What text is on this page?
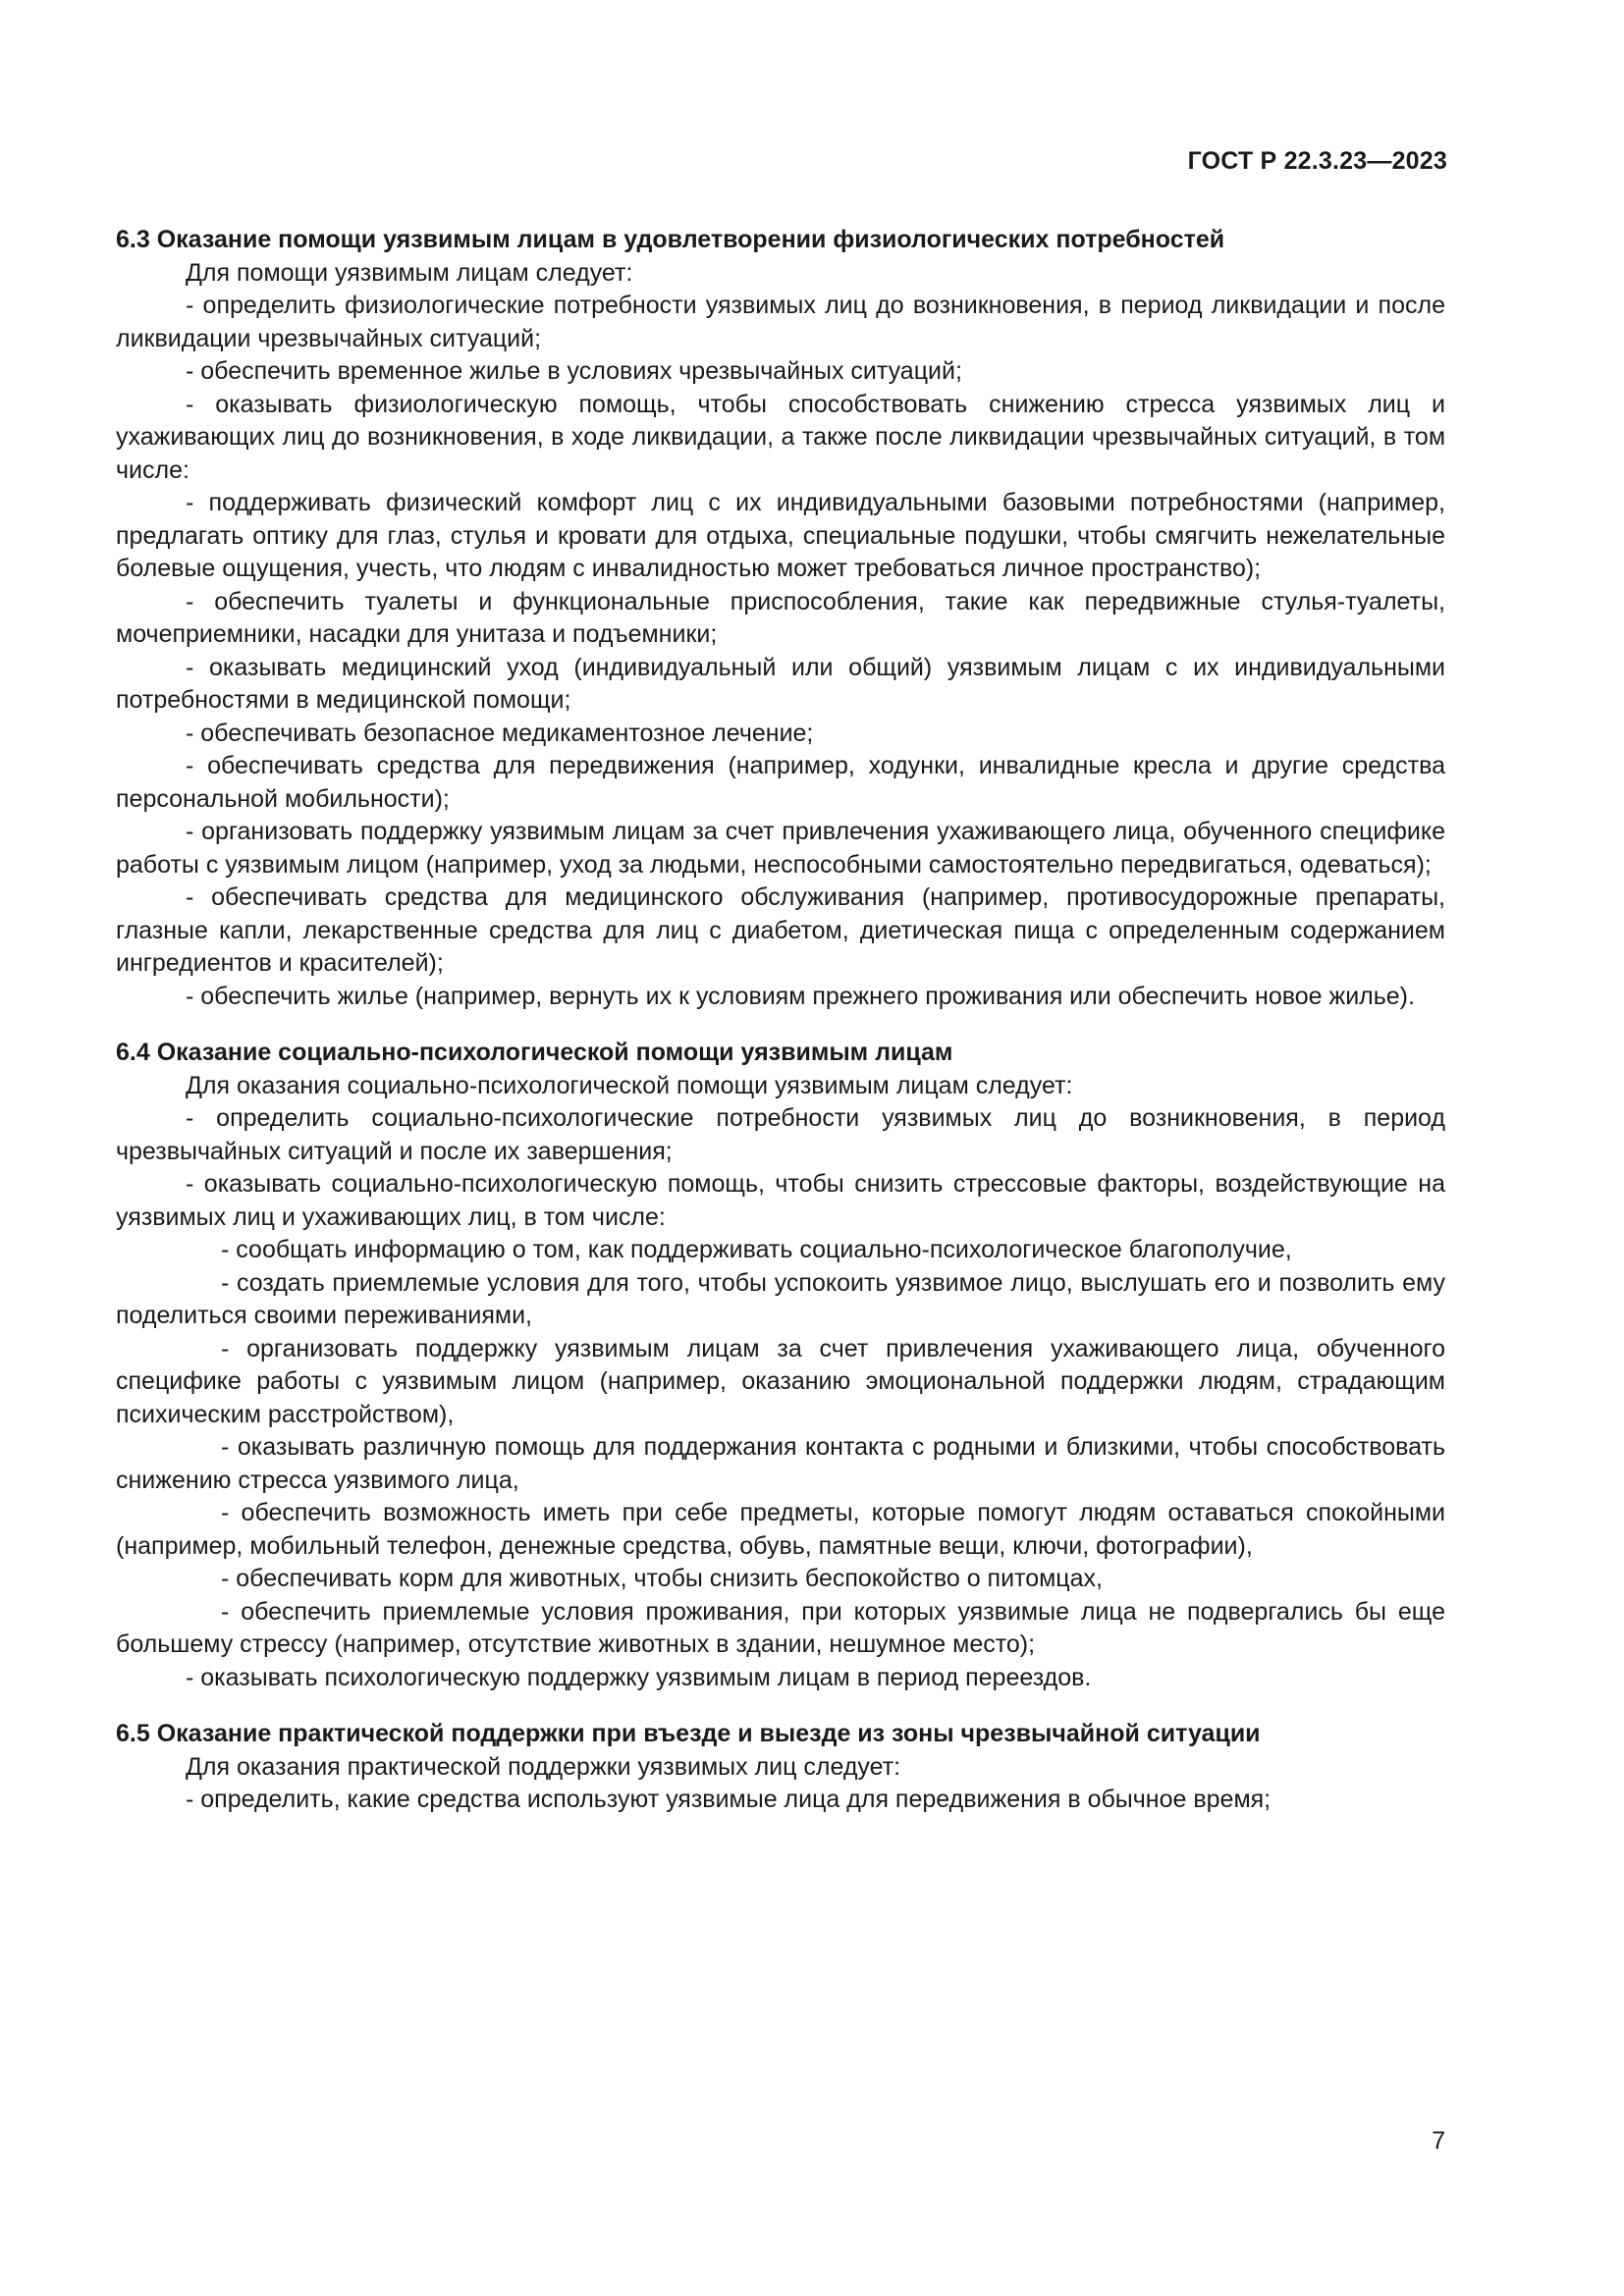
ГОСТ Р 22.3.23—2023
6.3 Оказание помощи уязвимым лицам в удовлетворении физиологических потребностей

Для помощи уязвимым лицам следует:

- определить физиологические потребности уязвимых лиц до возникновения, в период ликвидации и после ликвидации чрезвычайных ситуаций;

- обеспечить временное жилье в условиях чрезвычайных ситуаций;

- оказывать физиологическую помощь, чтобы способствовать снижению стресса уязвимых лиц и ухаживающих лиц до возникновения, в ходе ликвидации, а также после ликвидации чрезвычайных ситуаций, в том числе:

- поддерживать физический комфорт лиц с их индивидуальными базовыми потребностями (например, предлагать оптику для глаз, стулья и кровати для отдыха, специальные подушки, чтобы смягчить нежелательные болевые ощущения, учесть, что людям с инвалидностью может требоваться личное пространство);

- обеспечить туалеты и функциональные приспособления, такие как передвижные стулья-туалеты, мочеприемники, насадки для унитаза и подъемники;

- оказывать медицинский уход (индивидуальный или общий) уязвимым лицам с их индивидуальными потребностями в медицинской помощи;

- обеспечивать безопасное медикаментозное лечение;

- обеспечивать средства для передвижения (например, ходунки, инвалидные кресла и другие средства персональной мобильности);

- организовать поддержку уязвимым лицам за счет привлечения ухаживающего лица, обученного специфике работы с уязвимым лицом (например, уход за людьми, неспособными самостоятельно передвигаться, одеваться);

- обеспечивать средства для медицинского обслуживания (например, противосудорожные препараты, глазные капли, лекарственные средства для лиц с диабетом, диетическая пища с определенным содержанием ингредиентов и красителей);

- обеспечить жилье (например, вернуть их к условиям прежнего проживания или обеспечить новое жилье).

6.4 Оказание социально-психологической помощи уязвимым лицам

Для оказания социально-психологической помощи уязвимым лицам следует:

- определить социально-психологические потребности уязвимых лиц до возникновения, в период чрезвычайных ситуаций и после их завершения;

- оказывать социально-психологическую помощь, чтобы снизить стрессовые факторы, воздействующие на уязвимых лиц и ухаживающих лиц, в том числе:

- сообщать информацию о том, как поддерживать социально-психологическое благополучие,

- создать приемлемые условия для того, чтобы успокоить уязвимое лицо, выслушать его и позволить ему поделиться своими переживаниями,

- организовать поддержку уязвимым лицам за счет привлечения ухаживающего лица, обученного специфике работы с уязвимым лицом (например, оказанию эмоциональной поддержки людям, страдающим психическим расстройством),

- оказывать различную помощь для поддержания контакта с родными и близкими, чтобы способствовать снижению стресса уязвимого лица,

- обеспечить возможность иметь при себе предметы, которые помогут людям оставаться спокойными (например, мобильный телефон, денежные средства, обувь, памятные вещи, ключи, фотографии),

- обеспечивать корм для животных, чтобы снизить беспокойство о питомцах,

- обеспечить приемлемые условия проживания, при которых уязвимые лица не подвергались бы еще большему стрессу (например, отсутствие животных в здании, нешумное место);

- оказывать психологическую поддержку уязвимым лицам в период переездов.

6.5 Оказание практической поддержки при въезде и выезде из зоны чрезвычайной ситуации

Для оказания практической поддержки уязвимых лиц следует:

- определить, какие средства используют уязвимые лица для передвижения в обычное время;

7
